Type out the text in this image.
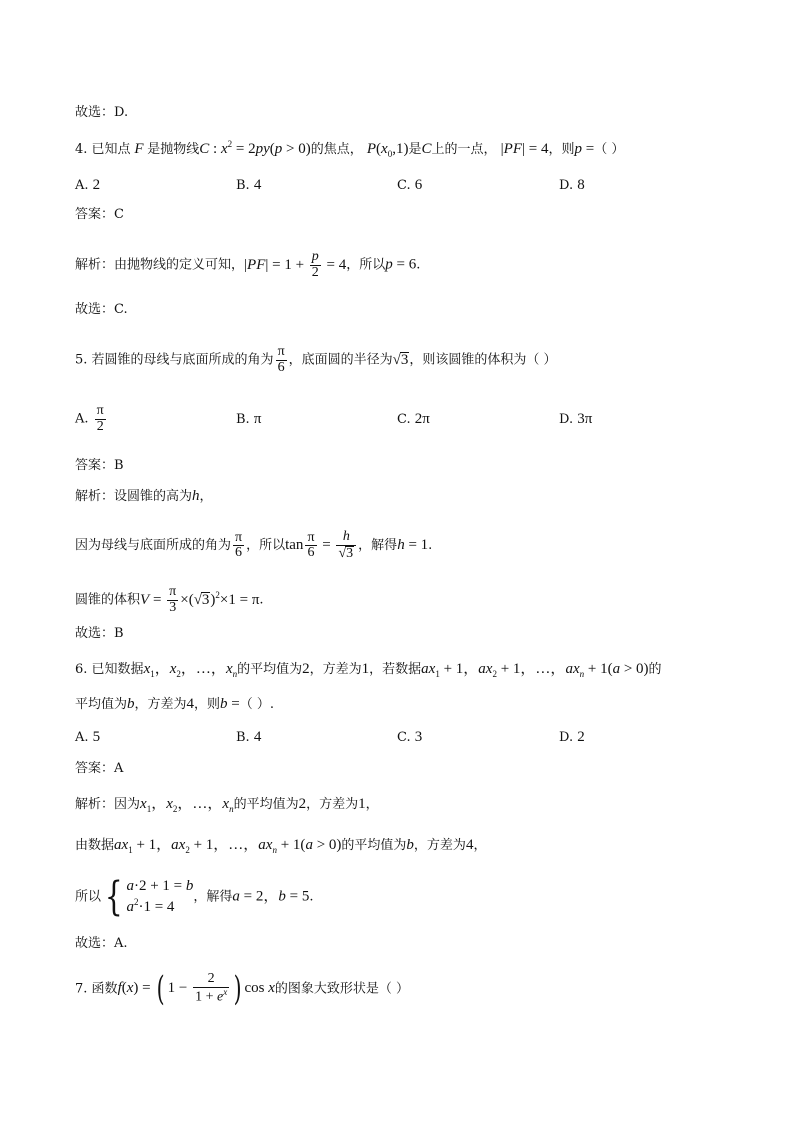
故选：D.
4. 已知点 F 是抛物线C : $x^2 = 2py(p > 0)$的焦点， $P(x_0,1)$是C上的一点， |PF| = 4，则p =（ ）
A. 2	B. 4	C. 6	D. 8
答案：C
解析：由抛物线的定义可知，$|PF| = 1 + \frac{p}{2} = 4$，所以p = 6.
故选：C.
5. 若圆锥的母线与底面所成的角为 $\frac{\pi}{6}$ ，底面圆的半径为√3，则该圆锥的体积为（ ）
A. $\frac{\pi}{2}$	B. π	C. 2π	D. 3π
答案：B
解析：设圆锥的高为h，
因为母线与底面所成的角为 $\frac{\pi}{6}$ ，所以$\tan \frac{\pi}{6} = \frac{h}{√3}$ ，解得h = 1.
圆锥的体积$V = \frac{\pi}{3} \times(√3)^2\times 1 = \pi$.
故选：B
6. 已知数据$x_1$，$x_2$，…，$x_n$的平均值为2，方差为1，若数据$ax_1 + 1$，$ax_2 + 1$，…，$ax_n + 1(a > 0)$的
平均值为b，方差为4，则b =（ ）.
A. 5	B. 4	C. 3	D. 2
答案：A
解析：因为$x_1$，$x_2$，…，$x_n$的平均值为2，方差为1，
由数据$ax_1 + 1$，$ax_2 + 1$，…，$ax_n + 1(a > 0)$的平均值为b，方差为4，
所以{ a·2 + 1 = b
$a^2\cdot 1 = 4$，解得a = 2，b = 5.
故选：A.
7. 函数f(x) = ( $1 - \frac{2}{1 + e^x}$ ) cos x的图象大致形状是（ ）
